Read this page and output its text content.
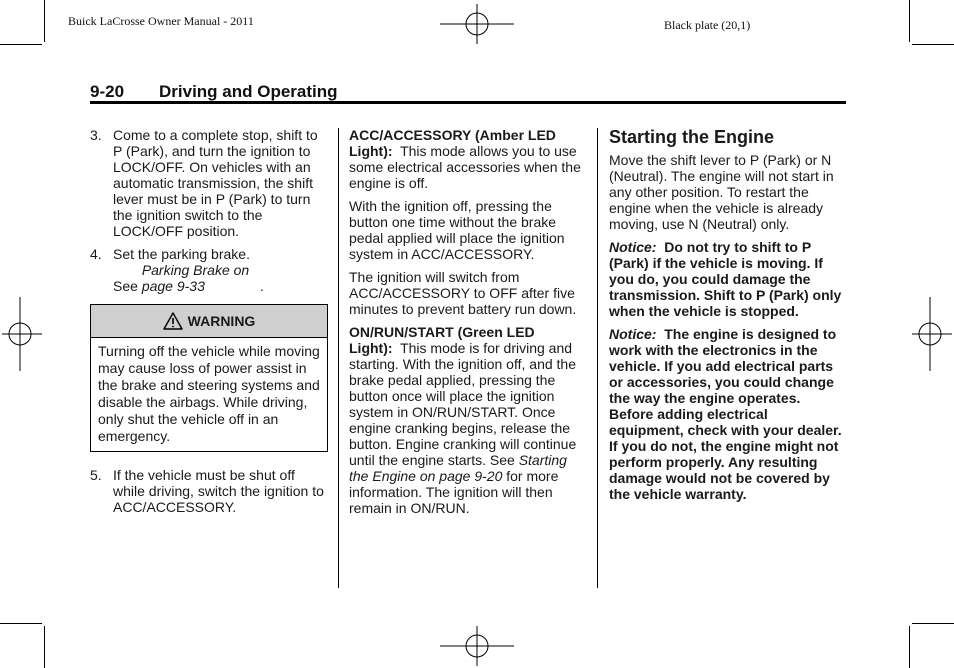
Buick LaCrosse Owner Manual - 2011	Black plate (20,1)
9-20 Driving and Operating
3. Come to a complete stop, shift to P (Park), and turn the ignition to LOCK/OFF. On vehicles with an automatic transmission, the shift lever must be in P (Park) to turn the ignition switch to the LOCK/OFF position.
4. Set the parking brake.
See Parking Brake on page 9-33	.
WARNING
Turning off the vehicle while moving may cause loss of power assist in the brake and steering systems and disable the airbags. While driving, only shut the vehicle off in an emergency.
5. If the vehicle must be shut off while driving, switch the ignition to ACC/ACCESSORY.

ACC/ACCESSORY (Amber LED Light): This mode allows you to use some electrical accessories when the engine is off.

With the ignition off, pressing the button one time without the brake pedal applied will place the ignition system in ACC/ACCESSORY.

The ignition will switch from ACC/ACCESSORY to OFF after five minutes to prevent battery run down.

ON/RUN/START (Green LED Light): This mode is for driving and starting. With the ignition off, and the brake pedal applied, pressing the button once will place the ignition system in ON/RUN/START. Once engine cranking begins, release the button. Engine cranking will continue until the engine starts. See Starting the Engine on page 9-20 for more information. The ignition will then remain in ON/RUN.

Starting the Engine

Move the shift lever to P (Park) or N (Neutral). The engine will not start in any other position. To restart the engine when the vehicle is already moving, use N (Neutral) only.

Notice: Do not try to shift to P (Park) if the vehicle is moving. If you do, you could damage the transmission. Shift to P (Park) only when the vehicle is stopped.

Notice: The engine is designed to work with the electronics in the vehicle. If you add electrical parts or accessories, you could change the way the engine operates. Before adding electrical equipment, check with your dealer. If you do not, the engine might not perform properly. Any resulting damage would not be covered by the vehicle warranty.
